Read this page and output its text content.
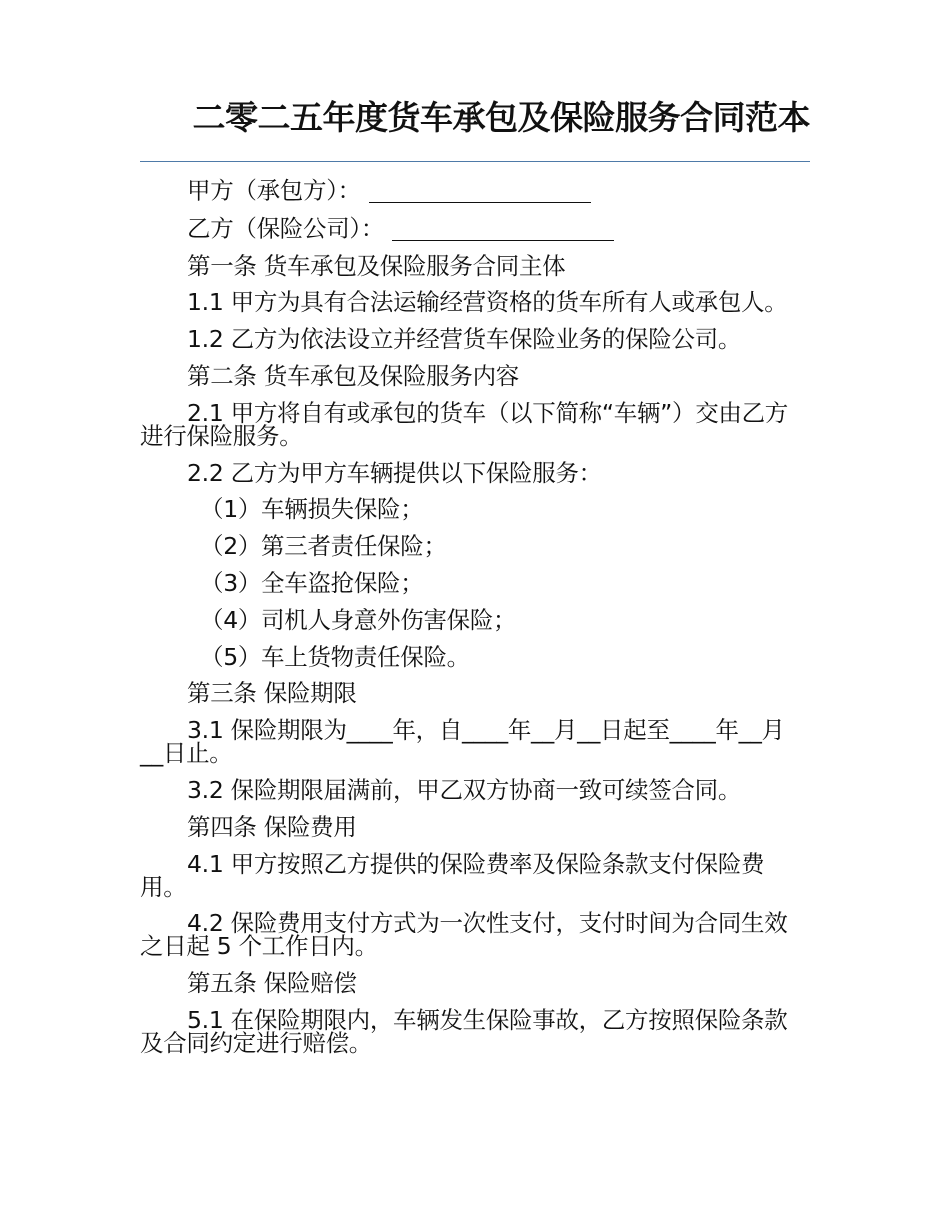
二零二五年度货车承包及保险服务合同范本

甲方（承包方）：

乙方（保险公司）：

第一条 货车承包及保险服务合同主体

1.1 甲方为具有合法运输经营资格的货车所有人或承包人。

1.2 乙方为依法设立并经营货车保险业务的保险公司。

第二条 货车承包及保险服务内容

2.1 甲方将自有或承包的货车（以下简称“车辆”）交由乙方进行保险服务。

2.2 乙方为甲方车辆提供以下保险服务：

（1）车辆损失保险；

（2）第三者责任保险；

（3）全车盗抢保险；

（4）司机人身意外伤害保险；

（5）车上货物责任保险。

第三条 保险期限

3.1 保险期限为____年，自____年__月__日起至____年__月__日止。

3.2 保险期限届满前，甲乙双方协商一致可续签合同。

第四条 保险费用

4.1 甲方按照乙方提供的保险费率及保险条款支付保险费用。

4.2 保险费用支付方式为一次性支付，支付时间为合同生效之日起 5 个工作日内。

第五条 保险赔偿

5.1 在保险期限内，车辆发生保险事故，乙方按照保险条款及合同约定进行赔偿。
